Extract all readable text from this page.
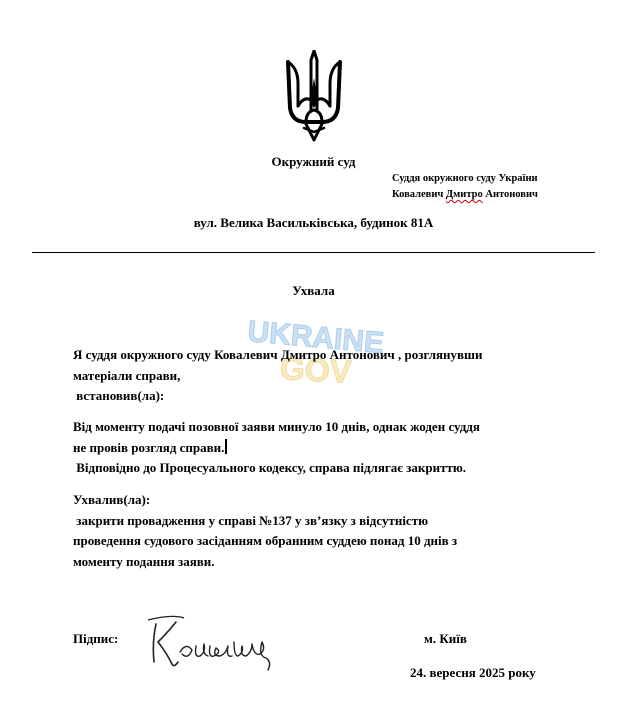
Окружний суд
Суддя окружного суду України
Ковалевич Дмитро Антонович
вул. Велика Васильківська, будинок 81А
Ухвала
UKRAINE
GOV
Я суддя окружного суду Ковалевич Дмитро Антонович , розглянувши
матеріали справи,
встановив(ла):
Від моменту подачі позовної заяви минуло 10 днів, однак жоден суддя
не провів розгляд справи.
Відповідно до Процесуального кодексу, справа підлягає закриттю.
Ухвалив(ла):
закрити провадження у справі №137 у зв’язку з відсутністю
проведення судового засіданням обранним суддею понад 10 днів з
моменту подання заяви.
Підпис:	м. Київ
24. вересня 2025 року
